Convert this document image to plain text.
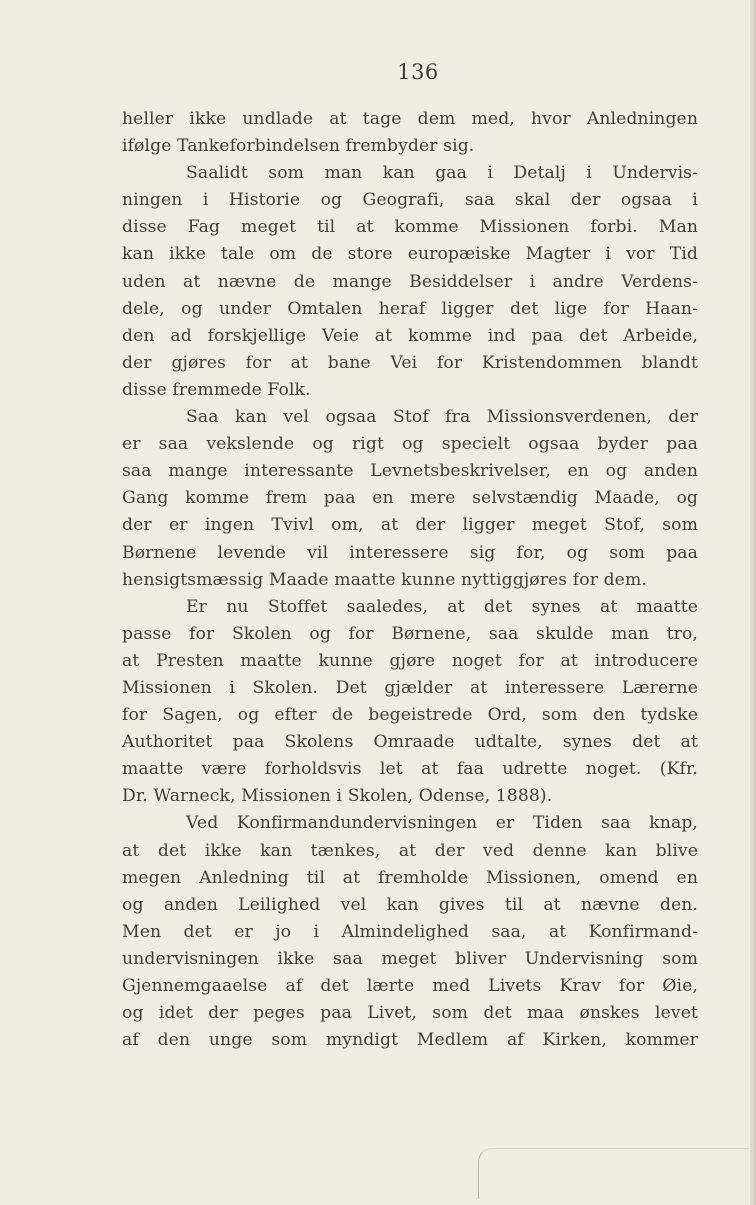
136
heller ikke undlade at tage dem med, hvor Anledningen
ifølge Tankeforbindelsen frembyder sig.
Saalidt som man kan gaa i Detalj i Undervis-
ningen i Historie og Geografi, saa skal der ogsaa i
disse Fag meget til at komme Missionen forbi. Man
kan ikke tale om de store europæiske Magter i vor Tid
uden at nævne de mange Besiddelser i andre Verdens-
dele, og under Omtalen heraf ligger det lige for Haan-
den ad forskjellige Veie at komme ind paa det Arbeide,
der gjøres for at bane Vei for Kristendommen blandt
disse fremmede Folk.
Saa kan vel ogsaa Stof fra Missionsverdenen, der
er saa vekslende og rigt og specielt ogsaa byder paa
saa mange interessante Levnetsbeskrivelser, en og anden
Gang komme frem paa en mere selvstændig Maade, og
der er ingen Tvivl om, at der ligger meget Stof, som
Børnene levende vil interessere sig for, og som paa
hensigtsmæssig Maade maatte kunne nyttiggjøres for dem.
Er nu Stoffet saaledes, at det synes at maatte
passe for Skolen og for Børnene, saa skulde man tro,
at Presten maatte kunne gjøre noget for at introducere
Missionen i Skolen. Det gjælder at interessere Lærerne
for Sagen, og efter de begeistrede Ord, som den tydske
Authoritet paa Skolens Omraade udtalte, synes det at
maatte være forholdsvis let at faa udrette noget. (Kfr.
Dr. Warneck, Missionen i Skolen, Odense, 1888).
Ved Konfirmandundervisningen er Tiden saa knap,
at det ikke kan tænkes, at der ved denne kan blive
megen Anledning til at fremholde Missionen, omend en
og anden Leilighed vel kan gives til at nævne den.
Men det er jo i Almindelighed saa, at Konfirmand-
undervisningen ikke saa meget bliver Undervisning som
Gjennemgaaelse af det lærte med Livets Krav for Øie,
og idet der peges paa Livet, som det maa ønskes levet
af den unge som myndigt Medlem af Kirken, kommer
